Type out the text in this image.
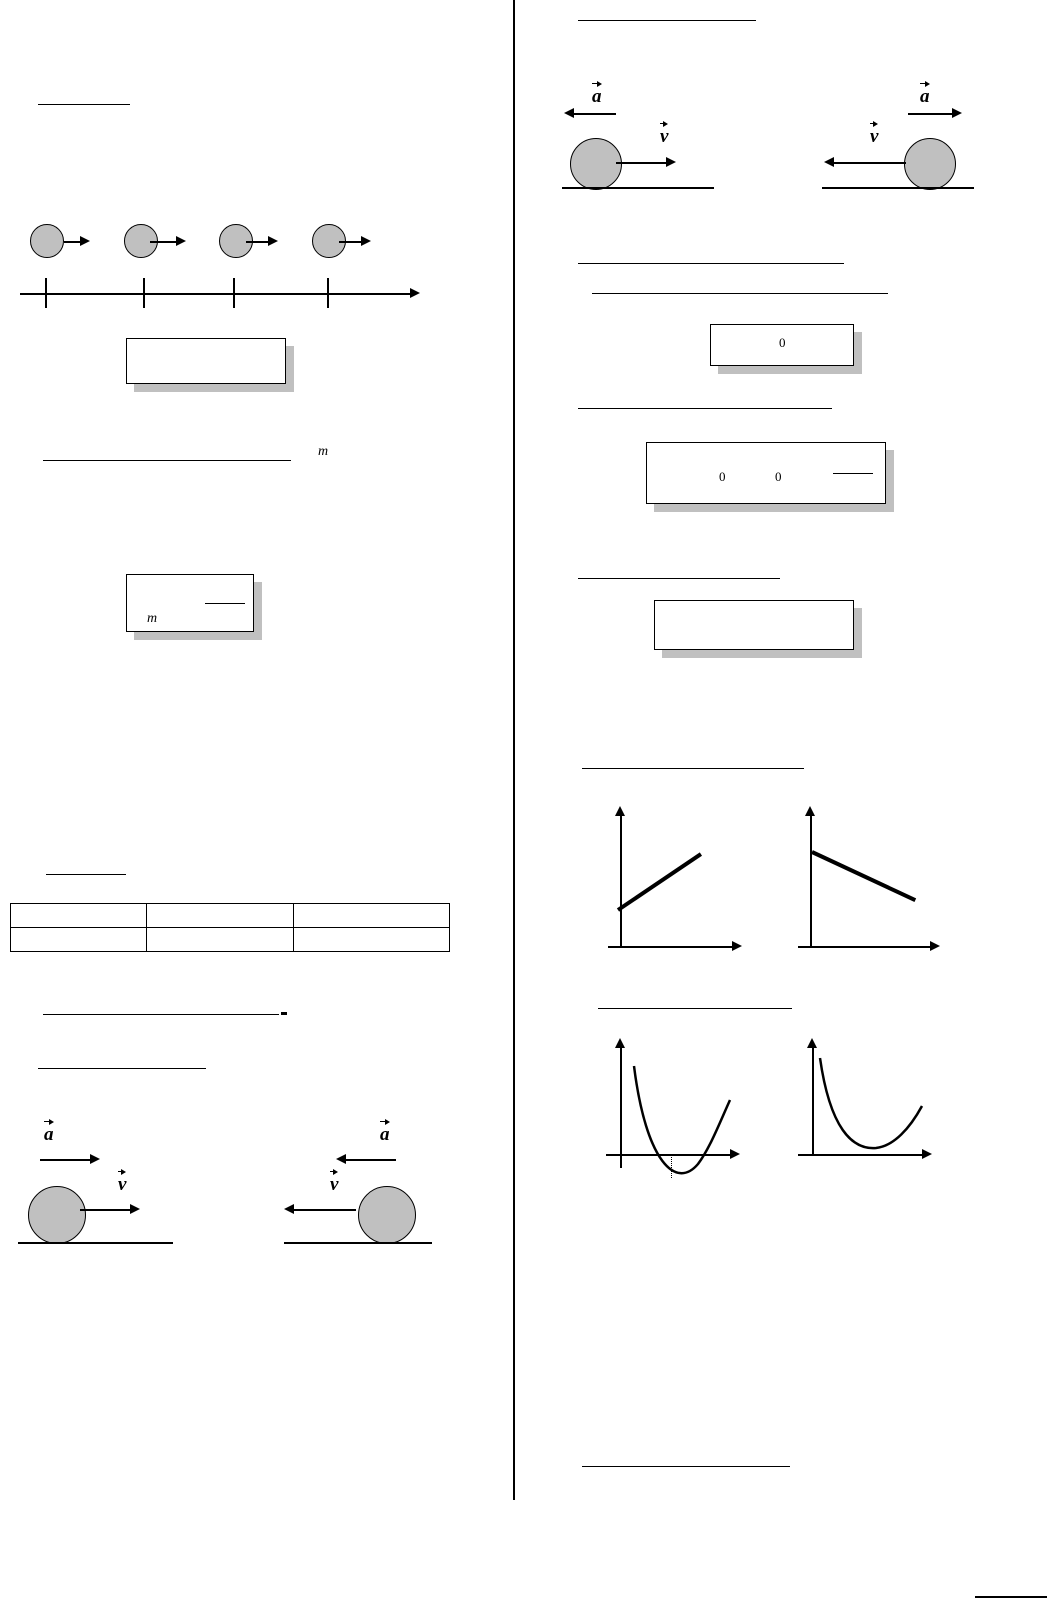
m
m

a
v
a
v
a
v
a
v
0
0	0
